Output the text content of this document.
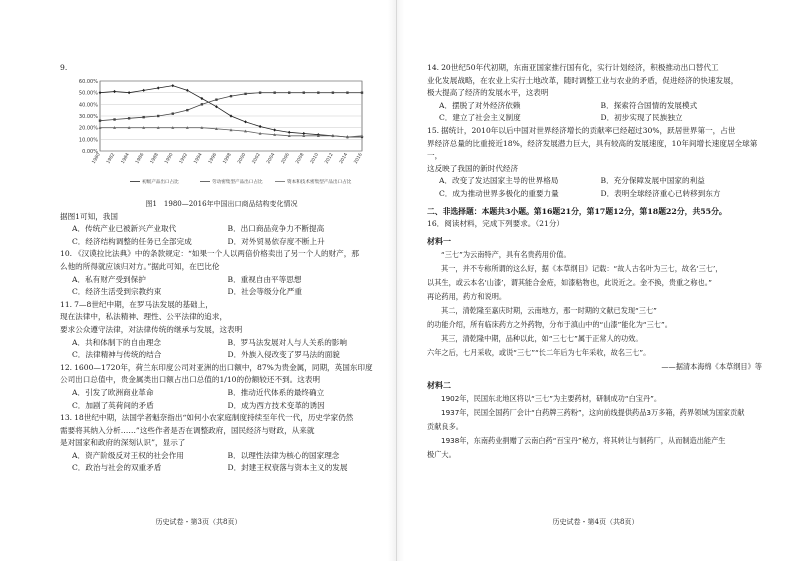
9.
0.00%
10.00%
20.00%
30.00%
40.00%
50.00%
60.00%
1980 1982 1984 1986 1988 1990 1992 1994 1996 1998 2000 2002 2004 2006 2008 2010 2012 2014 2016
初级产品出口占比	劳动密集型产品出口占比	资本和技术密集型产品出口占比

图1　1980—2016年中国出口商品结构变化情况

据图1可知，我国

A．传统产业已被新兴产业取代	B．出口商品竞争力不断提高
C．经济结构调整的任务已全部完成	D．对外贸易依存度不断上升

10. 《汉谟拉比法典》中的条款规定：“如果一个人以两倍价格卖出了另一个人的财产，那

么他的所得就应该归对方。”据此可知，在巴比伦

A．私有财产受到保护	B．重视自由平等思想
C．经济生活受到宗教约束	D．社会等级分化严重

11. 7—8世纪中期，在罗马法发展的基础上，

现在法律中，私法精神、理性、公平法律的追求，

要求公众遵守法律，对法律传统的继承与发展，这表明

A．共和体制下的自由理念	B．罗马法发展对人与人关系的影响
C．法律精神与传统的结合	D．外族入侵改变了罗马法的面貌

12. 1600—1720年，荷兰东印度公司对亚洲的出口额中，87%为贵金属，同期，英国东印度

公司出口总值中，贵金属类出口额占出口总值的1/10的份额较还不到。这表明

A．引发了欧洲商业革命	B．推动近代体系的最终确立
C．加剧了英荷间的矛盾	D．成为西方技术变革的诱因

13. 18世纪中期，法国学者魁奈指出“如何小农家庭制度持续至年代一代，历史学家仍然

需要将其纳入分析……”这些作者是否在调整政府，国民经济与财政，从来就

是对国家和政府的深刻认识”，显示了

A．资产阶级反对王权的社会作用	B．以理性法律为核心的国家理念
C．政治与社会的双重矛盾	D．封建王权衰落与资本主义的发展
历史试卷・第3页（共8页）

14. 20世纪50年代初期，东南亚国家推行国有化，实行计划经济，积极推动出口替代工

业化发展战略，在农业上实行土地改革，随时调整工业与农业的矛盾，促进经济的快速发展，

极大提高了经济的发展水平，这表明

A．摆脱了对外经济依赖	B．探索符合国情的发展模式
C．建立了社会主义制度	D．初步实现了民族独立

15. 据统计，2010年以后中国对世界经济增长的贡献率已经超过30%，跃居世界第一，占世

界经济总量的比重接近18%，经济发展潜力巨大，具有较高的发展速度，10年间增长速度居全球第一，

这反映了我国的新时代经济

A．改变了发达国家主导的世界格局	B．充分保障发展中国家的利益
C．成为推动世界多极化的重要力量	D．表明全球经济重心已转移到东方

二、非选择题：本题共3小题。第16题21分，第17题12分，第18题22分，共55分。

16．阅读材料，完成下列要求。（21分）

材料一

“三七”为云南特产，具有名贵药用价值。

其一，并不专称所谓的这么好，据《本草纲目》记载：“故人古名叶为三七，故名‘三七’，

以其生，或云本名‘山漆’，谓其能合金疮，如漆粘物也，此说近之。金不换，贵重之称也。”

再论药用，药方和说明。

其二，清乾隆至嘉庆时期，云南地方，那一时期的文献已发现“三七”

的功能介绍，所有临床药方之外药物，分布于滇山中的“山漆”能化为“三七”。

其三，清乾隆中期，品种以此，如“三七七”属于正常人的功效。

六年之后，七月采收，或说“三七”“长二年后为七年采收，故名三七”。

——据清本海绵《本草纲目》等

材料二

1902年，民国东北地区将以“三七”为主要药材，研制成功“白宝丹”。

1937年，民国全国药厂会计“白药牌三药粉”，这向前线提供药品3万多箱，药界领域为国家贡献

贡献良多。

1938年，东南药业捐赠了云南白药“百宝丹”秘方，将其转让与制药厂，从而制造出能产生

极广大。

历史试卷・第4页（共8页）
